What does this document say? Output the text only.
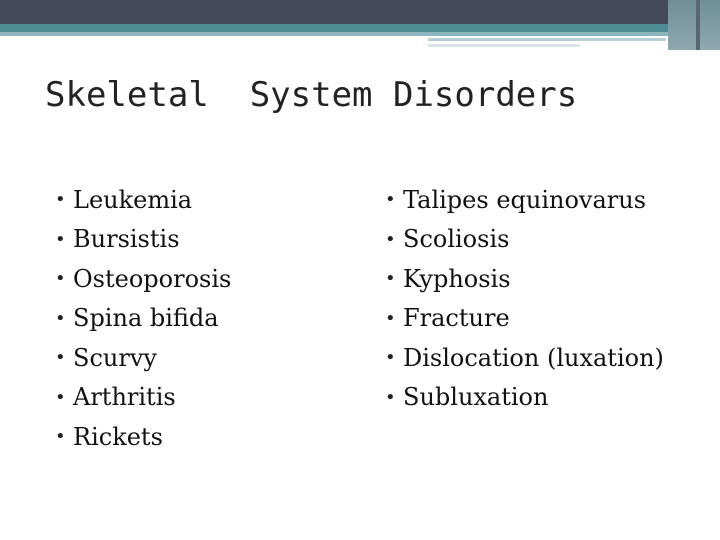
Skeletal  System Disorders
• Leukemia
• Bursistis
• Osteoporosis
• Spina bifida
• Scurvy
• Arthritis
• Rickets
• Talipes equinovarus
• Scoliosis
• Kyphosis
• Fracture
• Dislocation (luxation)
• Subluxation
